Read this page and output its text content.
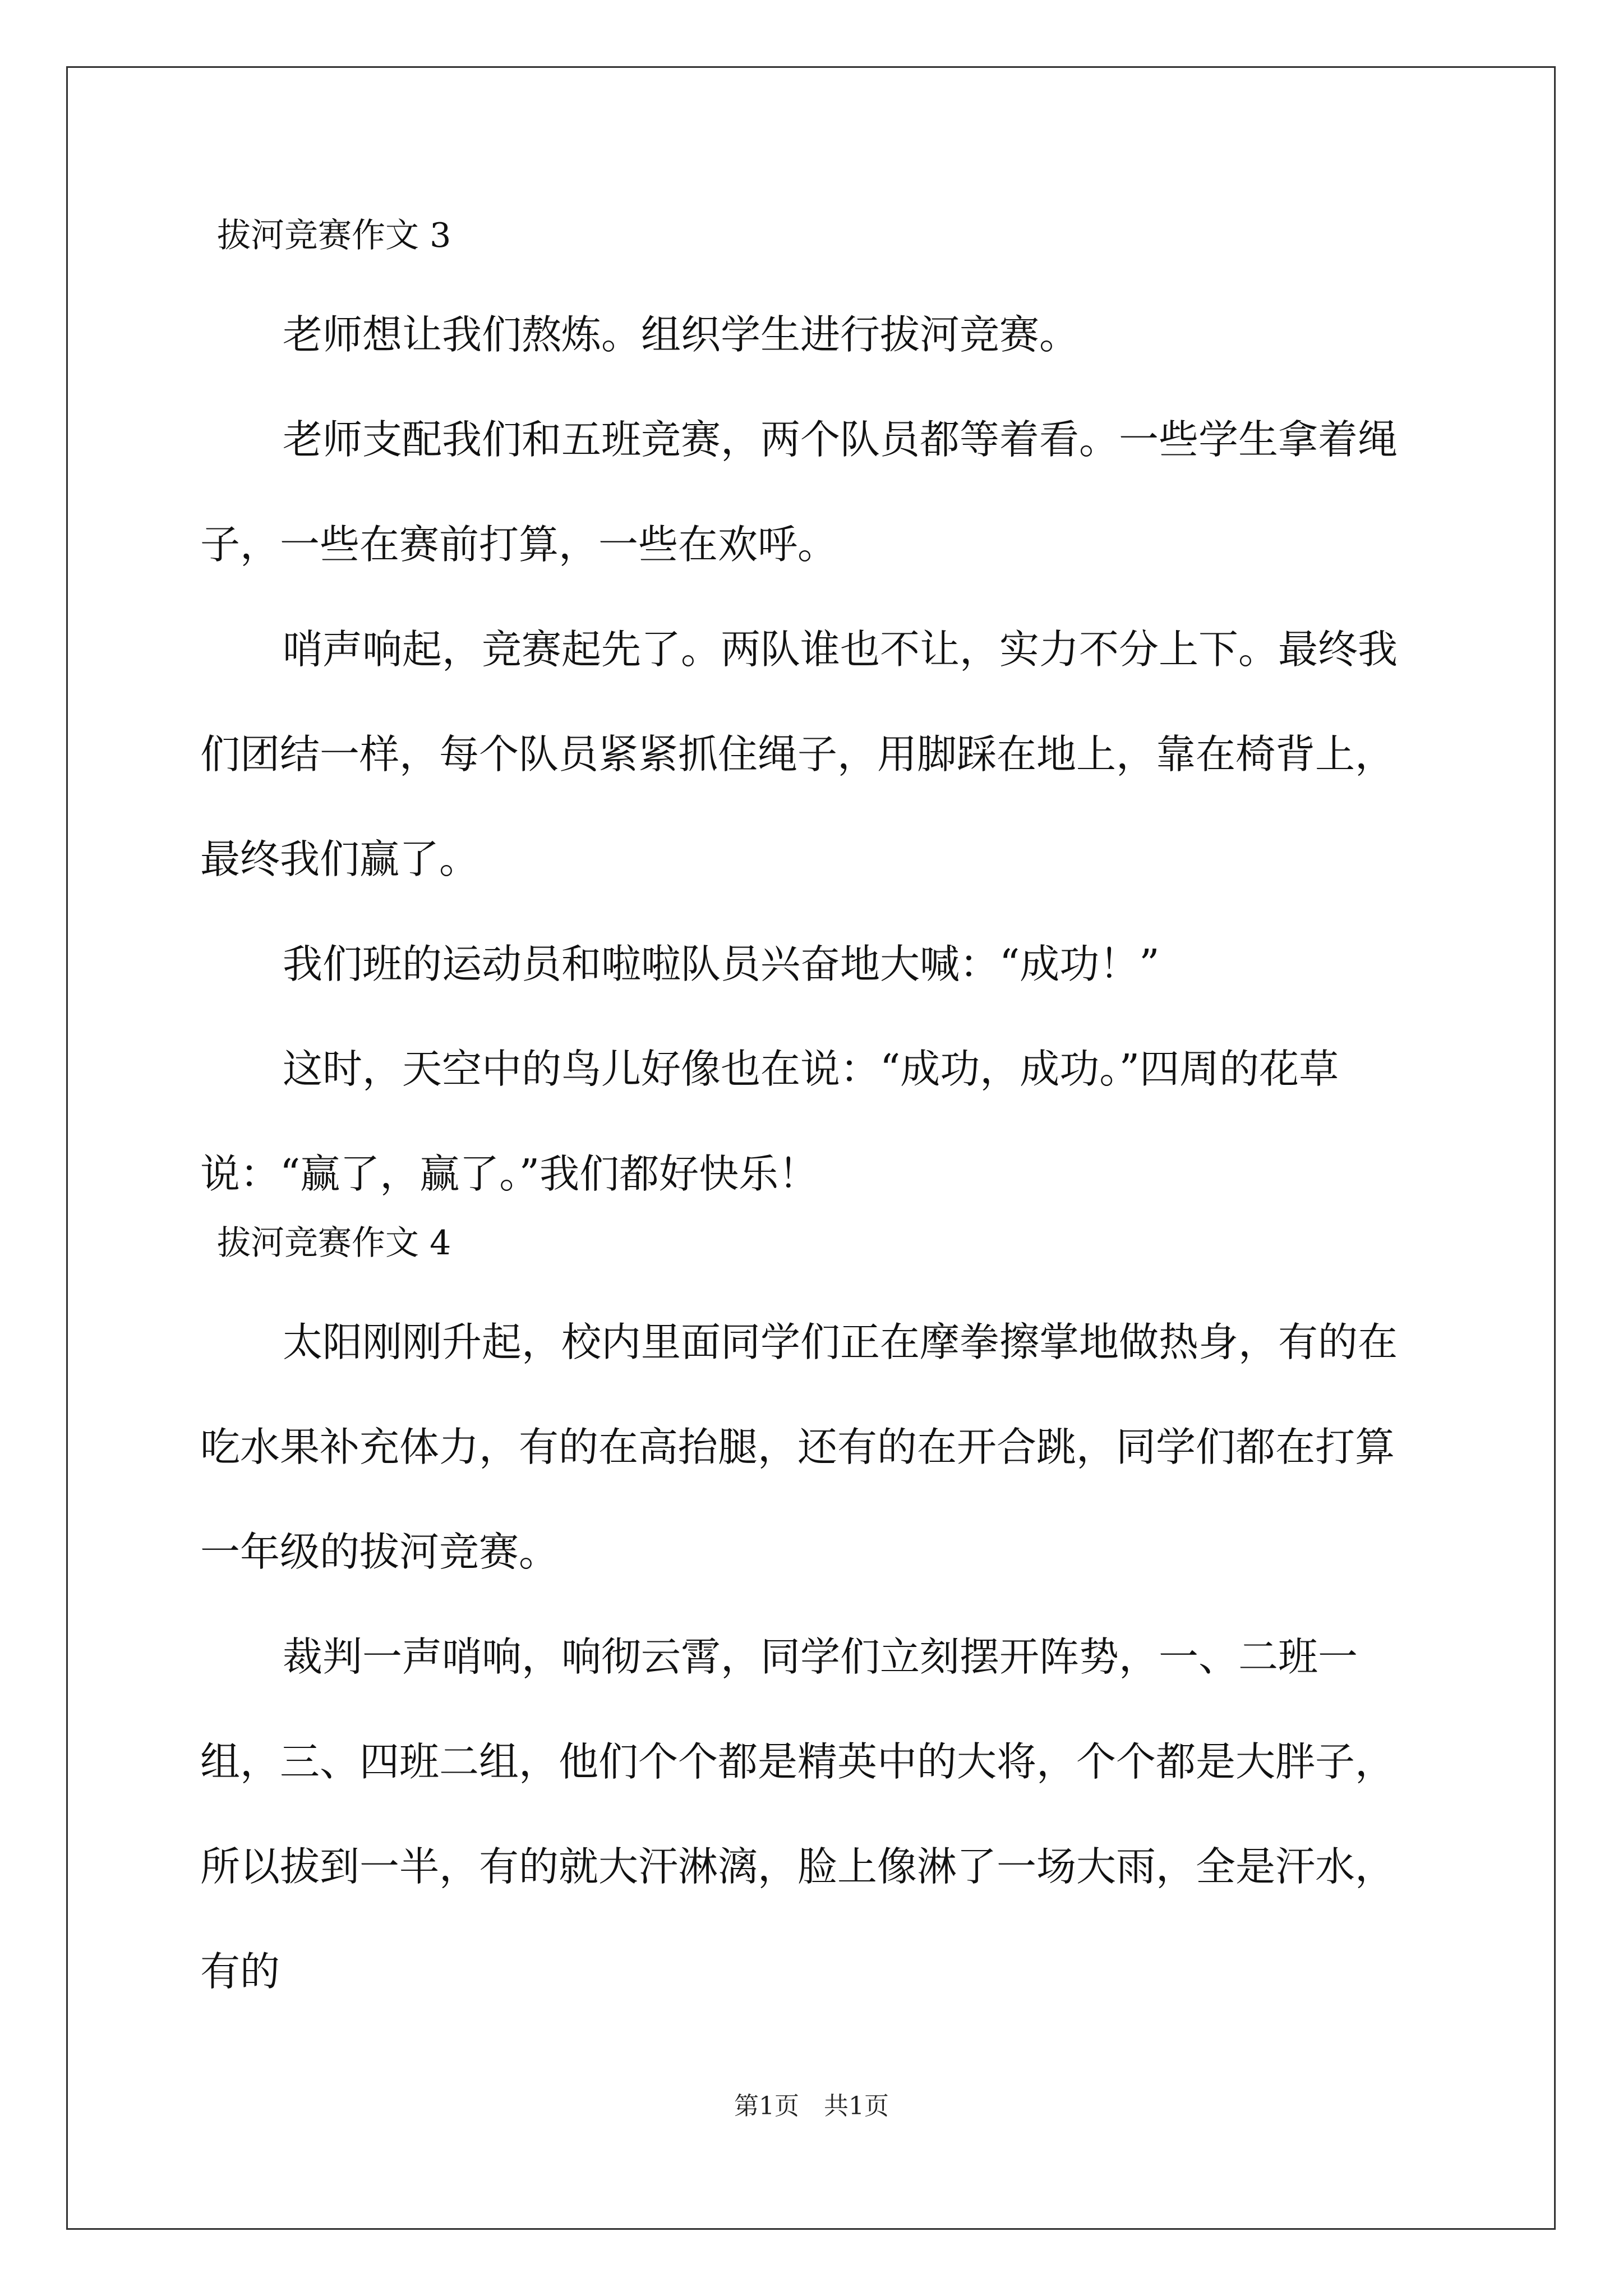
拔河竞赛作文 3

老师想让我们熬炼。组织学生进行拔河竞赛。

老师支配我们和五班竞赛，两个队员都等着看。一些学生拿着绳子，一些在赛前打算，一些在欢呼。

哨声响起，竞赛起先了。两队谁也不让，实力不分上下。最终我们团结一样，每个队员紧紧抓住绳子，用脚踩在地上，靠在椅背上，最终我们赢了。

我们班的运动员和啦啦队员兴奋地大喊：“成功！”

这时，天空中的鸟儿好像也在说：“成功，成功。”四周的花草说：“赢了，赢了。”我们都好快乐！

拔河竞赛作文 4

太阳刚刚升起，校内里面同学们正在摩拳擦掌地做热身，有的在吃水果补充体力，有的在高抬腿，还有的在开合跳，同学们都在打算一年级的拔河竞赛。

裁判一声哨响，响彻云霄，同学们立刻摆开阵势，一、二班一组，三、四班二组，他们个个都是精英中的大将，个个都是大胖子，所以拔到一半，有的就大汗淋漓，脸上像淋了一场大雨，全是汗水，有的

第1页　共1页
